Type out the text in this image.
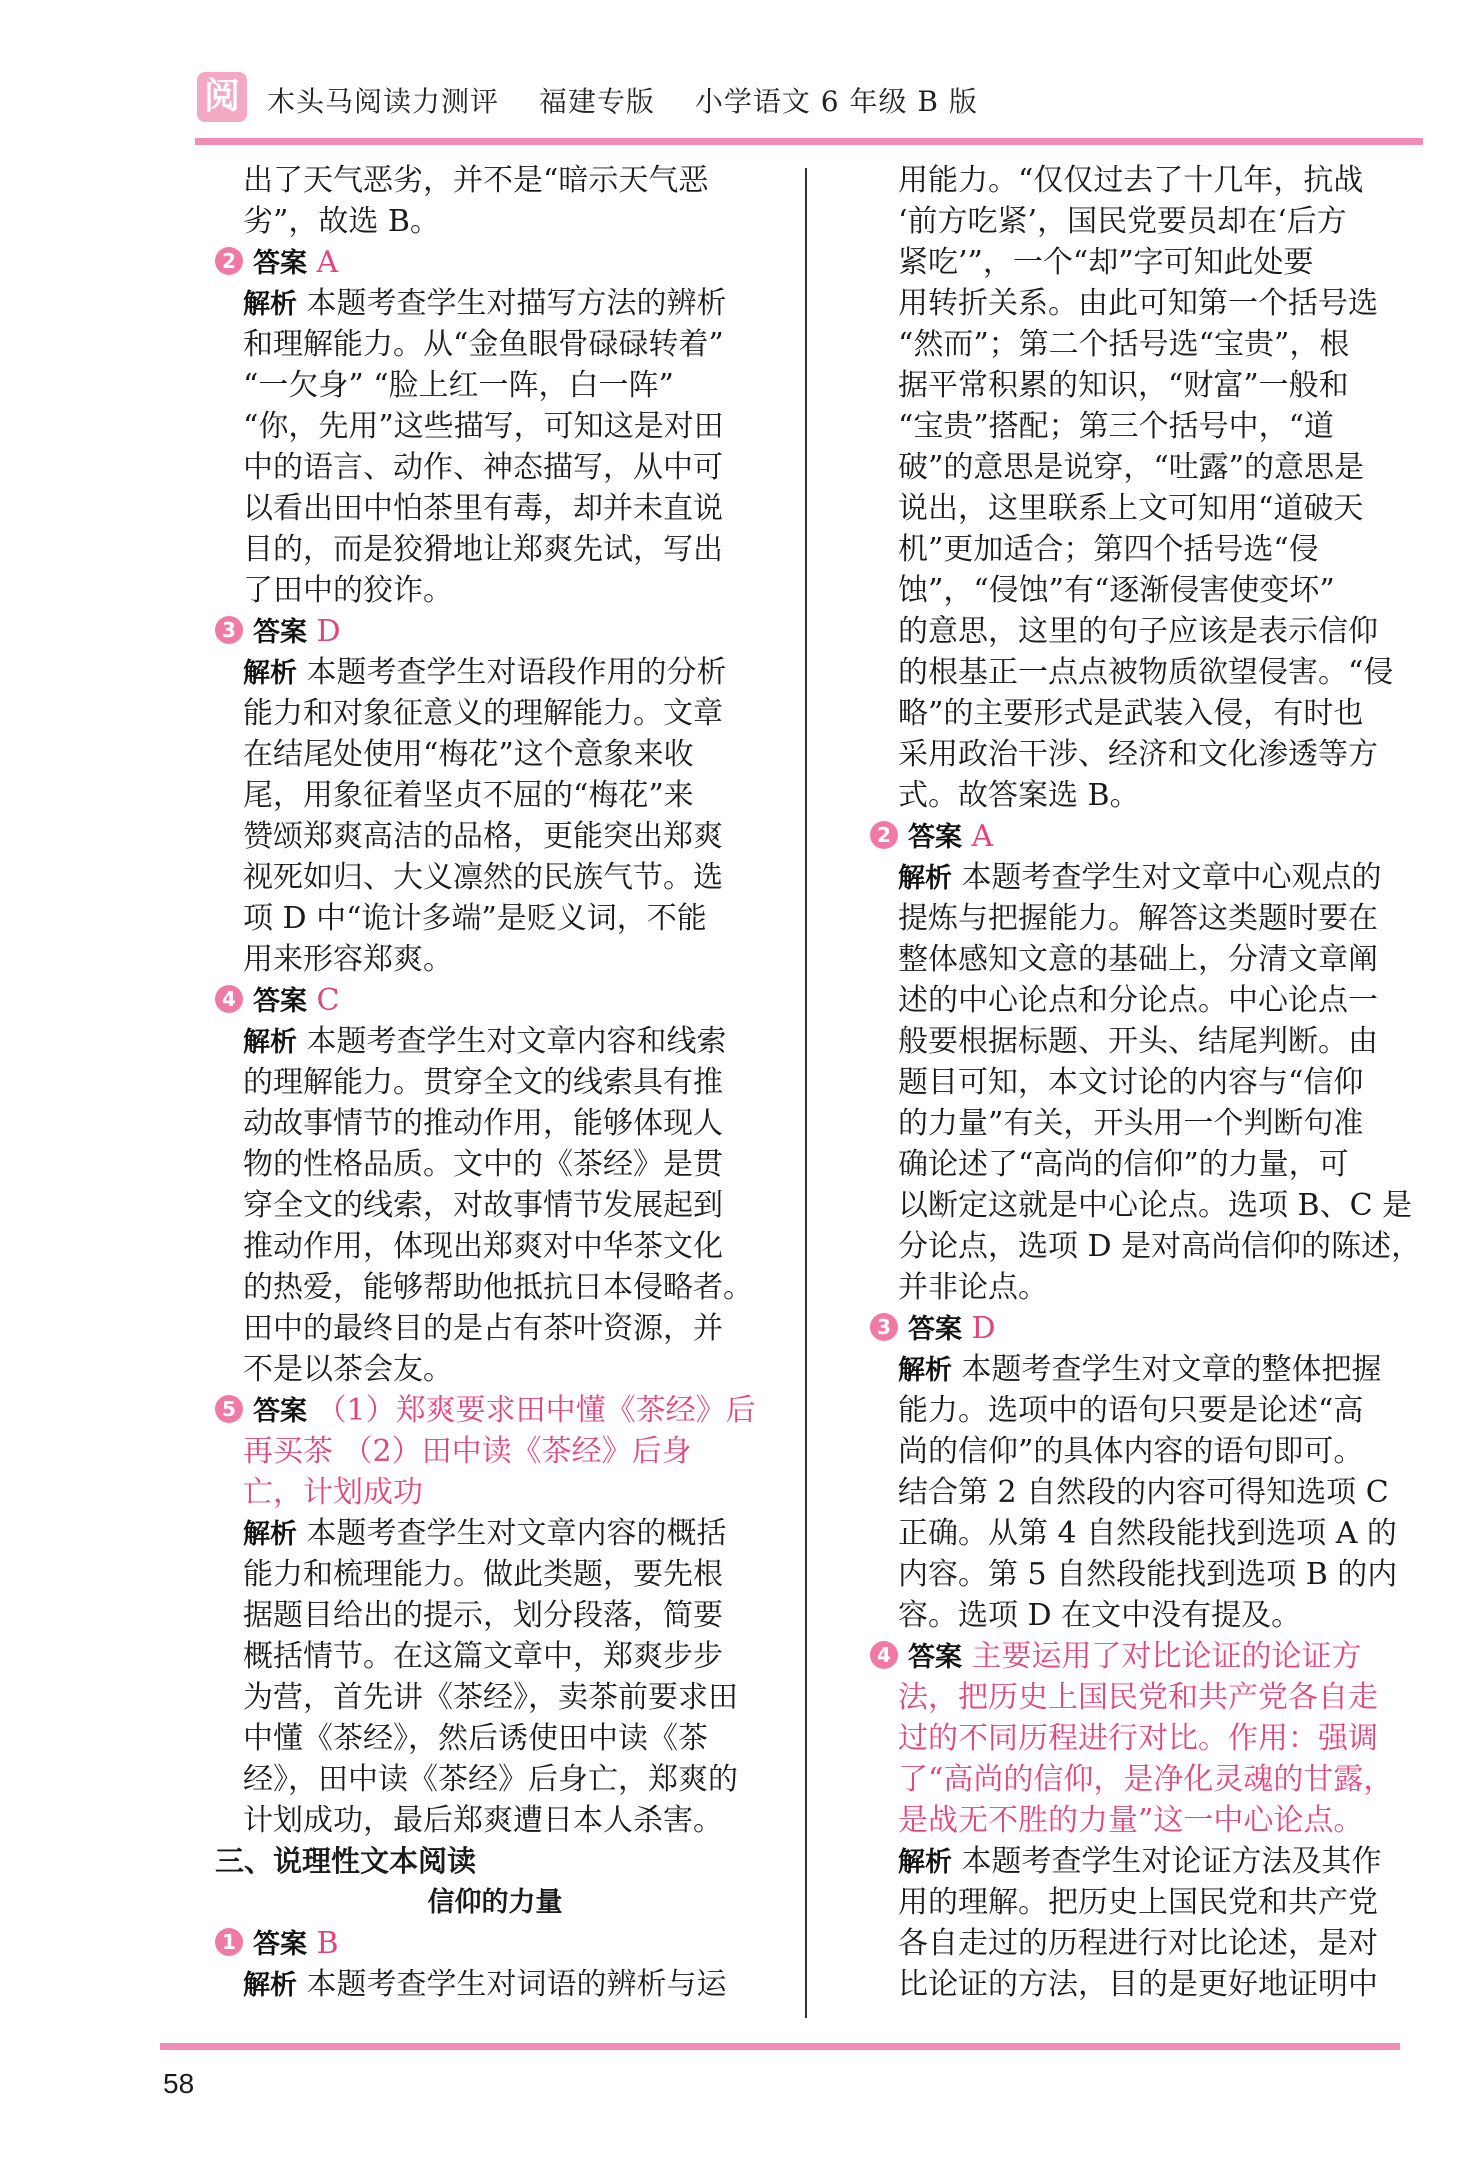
阅 木头马阅读力测评 福建专版 小学语文 6 年级 B 版
出了天气恶劣，并不是“暗示天气恶
劣”，故选 B。
2 答案 A
解析 本题考查学生对描写方法的辨析
和理解能力。从“金鱼眼骨碌碌转着”
“一欠身” “脸上红一阵，白一阵”
“你，先用”这些描写，可知这是对田
中的语言、动作、神态描写，从中可
以看出田中怕茶里有毒，却并未直说
目的，而是狡猾地让郑爽先试，写出
了田中的狡诈。
3 答案 D
解析 本题考查学生对语段作用的分析
能力和对象征意义的理解能力。文章
在结尾处使用“梅花”这个意象来收
尾，用象征着坚贞不屈的“梅花”来
赞颂郑爽高洁的品格，更能突出郑爽
视死如归、大义凛然的民族气节。选
项 D 中“诡计多端”是贬义词，不能
用来形容郑爽。
4 答案 C
解析 本题考查学生对文章内容和线索
的理解能力。贯穿全文的线索具有推
动故事情节的推动作用，能够体现人
物的性格品质。文中的《茶经》是贯
穿全文的线索，对故事情节发展起到
推动作用，体现出郑爽对中华茶文化
的热爱，能够帮助他抵抗日本侵略者。
田中的最终目的是占有茶叶资源，并
不是以茶会友。
5 答案 （1）郑爽要求田中懂《茶经》后
再买茶 （2）田中读《茶经》后身
亡，计划成功
解析 本题考查学生对文章内容的概括
能力和梳理能力。做此类题，要先根
据题目给出的提示，划分段落，简要
概括情节。在这篇文章中，郑爽步步
为营，首先讲《茶经》，卖茶前要求田
中懂《茶经》，然后诱使田中读《茶
经》，田中读《茶经》后身亡，郑爽的
计划成功，最后郑爽遭日本人杀害。
三、说理性文本阅读
信仰的力量
1 答案 B
解析 本题考查学生对词语的辨析与运
用能力。“仅仅过去了十几年，抗战
‘前方吃紧’，国民党要员却在‘后方
紧吃’”，一个“却”字可知此处要
用转折关系。由此可知第一个括号选
“然而”；第二个括号选“宝贵”，根
据平常积累的知识，“财富”一般和
“宝贵”搭配；第三个括号中，“道
破”的意思是说穿，“吐露”的意思是
说出，这里联系上文可知用“道破天
机”更加适合；第四个括号选“侵
蚀”，“侵蚀”有“逐渐侵害使变坏”
的意思，这里的句子应该是表示信仰
的根基正一点点被物质欲望侵害。“侵
略”的主要形式是武装入侵，有时也
采用政治干涉、经济和文化渗透等方
式。故答案选 B。
2 答案 A
解析 本题考查学生对文章中心观点的
提炼与把握能力。解答这类题时要在
整体感知文意的基础上，分清文章阐
述的中心论点和分论点。中心论点一
般要根据标题、开头、结尾判断。由
题目可知，本文讨论的内容与“信仰
的力量”有关，开头用一个判断句准
确论述了“高尚的信仰”的力量，可
以断定这就是中心论点。选项 B、C 是
分论点，选项 D 是对高尚信仰的陈述，
并非论点。
3 答案 D
解析 本题考查学生对文章的整体把握
能力。选项中的语句只要是论述“高
尚的信仰”的具体内容的语句即可。
结合第 2 自然段的内容可得知选项 C
正确。从第 4 自然段能找到选项 A 的
内容。第 5 自然段能找到选项 B 的内
容。选项 D 在文中没有提及。
4 答案 主要运用了对比论证的论证方
法，把历史上国民党和共产党各自走
过的不同历程进行对比。作用：强调
了“高尚的信仰，是净化灵魂的甘露，
是战无不胜的力量”这一中心论点。
解析 本题考查学生对论证方法及其作
用的理解。把历史上国民党和共产党
各自走过的历程进行对比论述，是对
比论证的方法，目的是更好地证明中
58
